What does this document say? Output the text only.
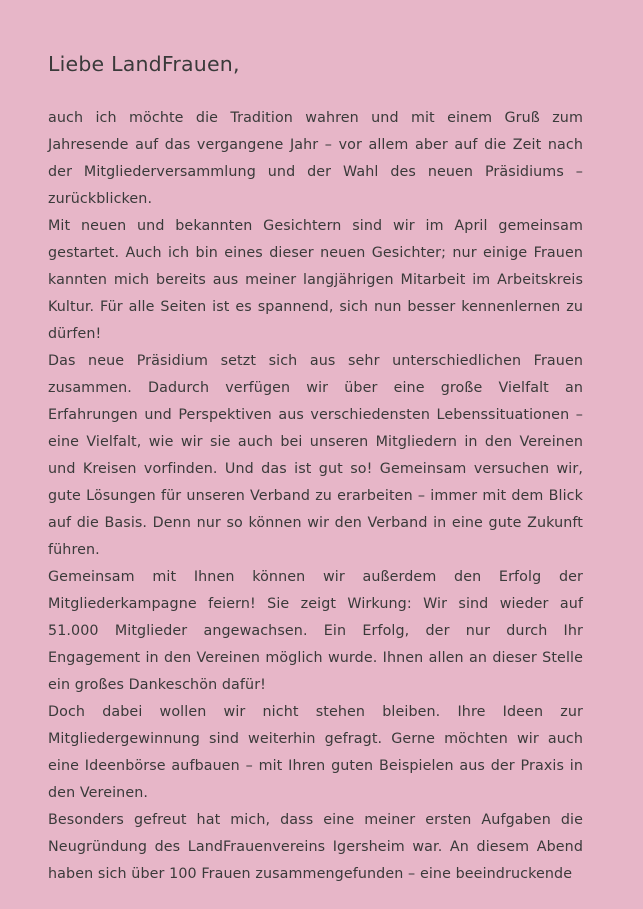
Liebe LandFrauen,

auch ich möchte die Tradition wahren und mit einem Gruß zum Jahresende auf das vergangene Jahr – vor allem aber auf die Zeit nach der Mitgliederversammlung und der Wahl des neuen Präsidiums – zurückblicken.

Mit neuen und bekannten Gesichtern sind wir im April gemeinsam gestartet. Auch ich bin eines dieser neuen Gesichter; nur einige Frauen kannten mich bereits aus meiner langjährigen Mitarbeit im Arbeitskreis Kultur. Für alle Seiten ist es spannend, sich nun besser kennenlernen zu dürfen!

Das neue Präsidium setzt sich aus sehr unterschiedlichen Frauen zusammen. Dadurch verfügen wir über eine große Vielfalt an Erfahrungen und Perspektiven aus verschiedensten Lebenssituationen – eine Vielfalt, wie wir sie auch bei unseren Mitgliedern in den Vereinen und Kreisen vorfinden. Und das ist gut so! Gemeinsam versuchen wir, gute Lösungen für unseren Verband zu erarbeiten – immer mit dem Blick auf die Basis. Denn nur so können wir den Verband in eine gute Zukunft führen.

Gemeinsam mit Ihnen können wir außerdem den Erfolg der Mitgliederkampagne feiern! Sie zeigt Wirkung: Wir sind wieder auf 51.000 Mitglieder angewachsen. Ein Erfolg, der nur durch Ihr Engagement in den Vereinen möglich wurde. Ihnen allen an dieser Stelle ein großes Dankeschön dafür!

Doch dabei wollen wir nicht stehen bleiben. Ihre Ideen zur Mitgliedergewinnung sind weiterhin gefragt. Gerne möchten wir auch eine Ideenbörse aufbauen – mit Ihren guten Beispielen aus der Praxis in den Vereinen.

Besonders gefreut hat mich, dass eine meiner ersten Aufgaben die Neugründung des LandFrauenvereins Igersheim war. An diesem Abend haben sich über 100 Frauen zusammengefunden – eine beeindruckende
